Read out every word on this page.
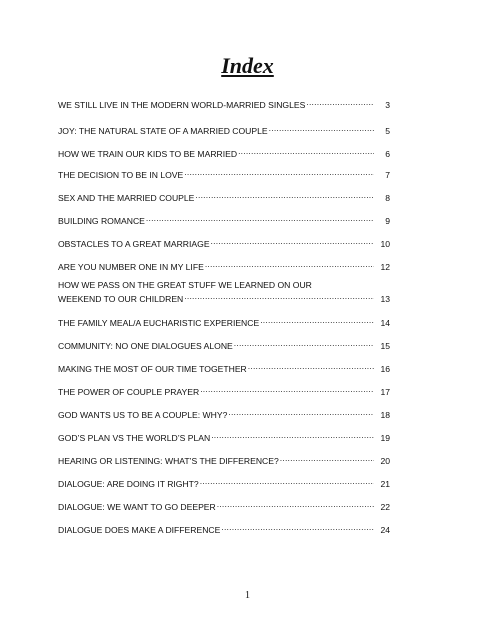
Index
WE STILL LIVE IN THE MODERN WORLD-MARRIED SINGLES .....	3
JOY: THE NATURAL STATE OF A MARRIED COUPLE .....	5
HOW WE TRAIN OUR KIDS TO BE MARRIED .....	6
THE DECISION TO BE IN LOVE .....	7
SEX AND THE MARRIED COUPLE .....	8
BUILDING ROMANCE .....	9
OBSTACLES TO A GREAT MARRIAGE .....	10
ARE YOU NUMBER ONE IN MY LIFE .....	12
HOW WE PASS ON THE GREAT STUFF WE LEARNED ON OUR
WEEKEND TO OUR CHILDREN .....	13
THE FAMILY MEAL/A EUCHARISTIC EXPERIENCE .....	14
COMMUNITY: NO ONE DIALOGUES ALONE .....	15
MAKING THE MOST OF OUR TIME TOGETHER .....	16
THE POWER OF COUPLE PRAYER .....	17
GOD WANTS US TO BE A COUPLE: WHY? .....	18
GOD’S PLAN VS THE WORLD’S PLAN .....	19
HEARING OR LISTENING: WHAT’S THE DIFFERENCE? .....	20
DIALOGUE: ARE DOING IT RIGHT? .....	21
DIALOGUE: WE WANT TO GO DEEPER .....	22
DIALOGUE DOES MAKE A DIFFERENCE .....	24
1
